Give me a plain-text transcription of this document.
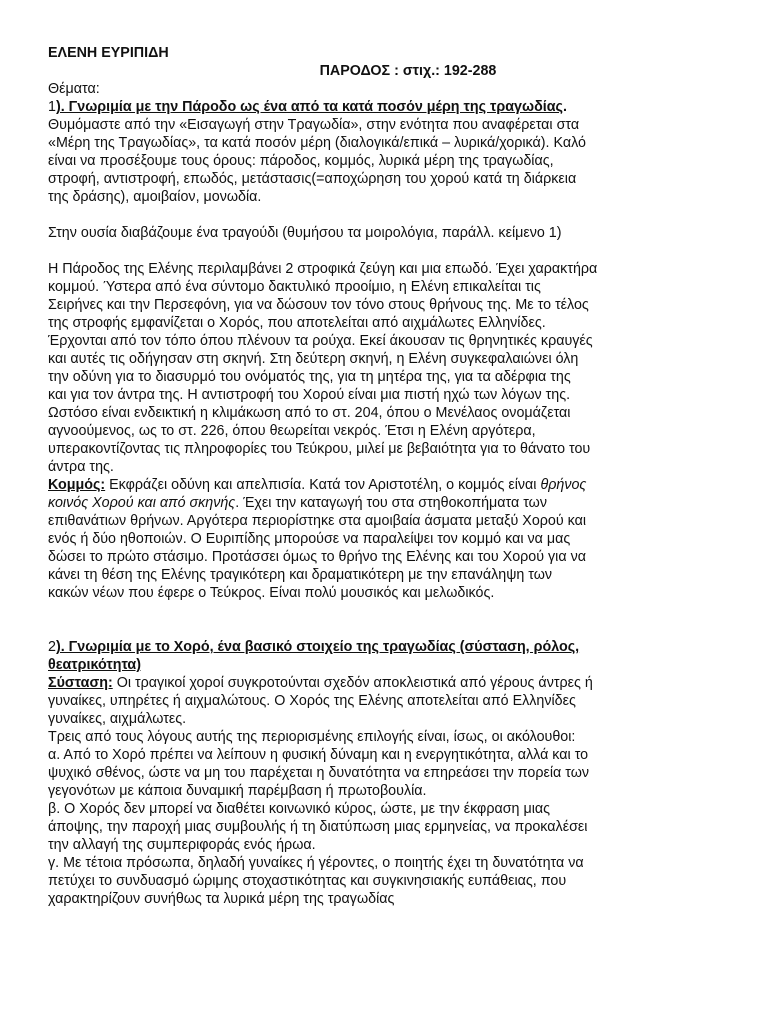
ΕΛΕΝΗ ΕΥΡΙΠΙΔΗ
ΠΑΡΟΔΟΣ : στιχ.: 192-288
Θέματα:
1). Γνωριμία με την Πάροδο ως ένα από τα κατά ποσόν μέρη της τραγωδίας.
Θυμόμαστε από την «Εισαγωγή στην Τραγωδία», στην ενότητα που αναφέρεται στα
«Μέρη της Τραγωδίας», τα κατά ποσόν μέρη (διαλογικά/επικά – λυρικά/χορικά). Καλό
είναι να προσέξουμε τους όρους: πάροδος, κομμός, λυρικά μέρη της τραγωδίας,
στροφή, αντιστροφή, επωδός, μετάστασις(=αποχώρηση του χορού κατά τη διάρκεια
της δράσης), αμοιβαίον, μονωδία.
Στην ουσία διαβάζουμε ένα τραγούδι (θυμήσου τα μοιρολόγια, παράλλ. κείμενο 1)
Η Πάροδος της Ελένης περιλαμβάνει 2 στροφικά ζεύγη και μια επωδό. Έχει χαρακτήρα
κομμού. Ύστερα από ένα σύντομο δακτυλικό προοίμιο, η Ελένη επικαλείται τις
Σειρήνες και την Περσεφόνη, για να δώσουν τον τόνο στους θρήνους της. Με το τέλος
της στροφής εμφανίζεται ο Χορός, που αποτελείται από αιχμάλωτες Ελληνίδες.
Έρχονται από τον τόπο όπου πλένουν τα ρούχα. Εκεί άκουσαν τις θρηνητικές κραυγές
και αυτές τις οδήγησαν στη σκηνή. Στη δεύτερη σκηνή, η Ελένη συγκεφαλαιώνει όλη
την οδύνη για το διασυρμό του ονόματός της, για τη μητέρα της, για τα αδέρφια της
και για τον άντρα της. Η αντιστροφή του Χορού είναι μια πιστή ηχώ των λόγων της.
Ωστόσο είναι ενδεικτική η κλιμάκωση από το στ. 204, όπου ο Μενέλαος ονομάζεται
αγνοούμενος, ως το στ. 226, όπου θεωρείται νεκρός. Έτσι η Ελένη αργότερα,
υπερακοντίζοντας τις πληροφορίες του Τεύκρου, μιλεί με βεβαιότητα για το θάνατο του
άντρα της.
Κομμός: Εκφράζει οδύνη και απελπισία. Κατά τον Αριστοτέλη, ο κομμός είναι θρήνος
κοινός Χορού και από σκηνής. Έχει την καταγωγή του στα στηθοκοπήματα των
επιθανάτιων θρήνων. Αργότερα περιορίστηκε στα αμοιβαία άσματα μεταξύ Χορού και
ενός ή δύο ηθοποιών. Ο Ευριπίδης μπορούσε να παραλείψει τον κομμό και να μας
δώσει το πρώτο στάσιμο. Προτάσσει όμως το θρήνο της Ελένης και του Χορού για να
κάνει τη θέση της Ελένης τραγικότερη και δραματικότερη με την επανάληψη των
κακών νέων που έφερε ο Τεύκρος. Είναι πολύ μουσικός και μελωδικός.
2). Γνωριμία με το Χορό, ένα βασικό στοιχείο της τραγωδίας (σύσταση, ρόλος,
θεατρικότητα)
Σύσταση: Οι τραγικοί χοροί συγκροτούνται σχεδόν αποκλειστικά από γέρους άντρες ή
γυναίκες, υπηρέτες ή αιχμαλώτους. Ο Χορός της Ελένης αποτελείται από Ελληνίδες
γυναίκες, αιχμάλωτες.
Τρεις από τους λόγους αυτής της περιορισμένης επιλογής είναι, ίσως, οι ακόλουθοι:
α. Από το Χορό πρέπει να λείπουν η φυσική δύναμη και η ενεργητικότητα, αλλά και το
ψυχικό σθένος, ώστε να μη του παρέχεται η δυνατότητα να επηρεάσει την πορεία των
γεγονότων με κάποια δυναμική παρέμβαση ή πρωτοβουλία.
β. Ο Χορός δεν μπορεί να διαθέτει κοινωνικό κύρος, ώστε, με την έκφραση μιας
άποψης, την παροχή μιας συμβουλής ή τη διατύπωση μιας ερμηνείας, να προκαλέσει
την αλλαγή της συμπεριφοράς ενός ήρωα.
γ. Με τέτοια πρόσωπα, δηλαδή γυναίκες ή γέροντες, ο ποιητής έχει τη δυνατότητα να
πετύχει το συνδυασμό ώριμης στοχαστικότητας και συγκινησιακής ευπάθειας, που
χαρακτηρίζουν συνήθως τα λυρικά μέρη της τραγωδίας
